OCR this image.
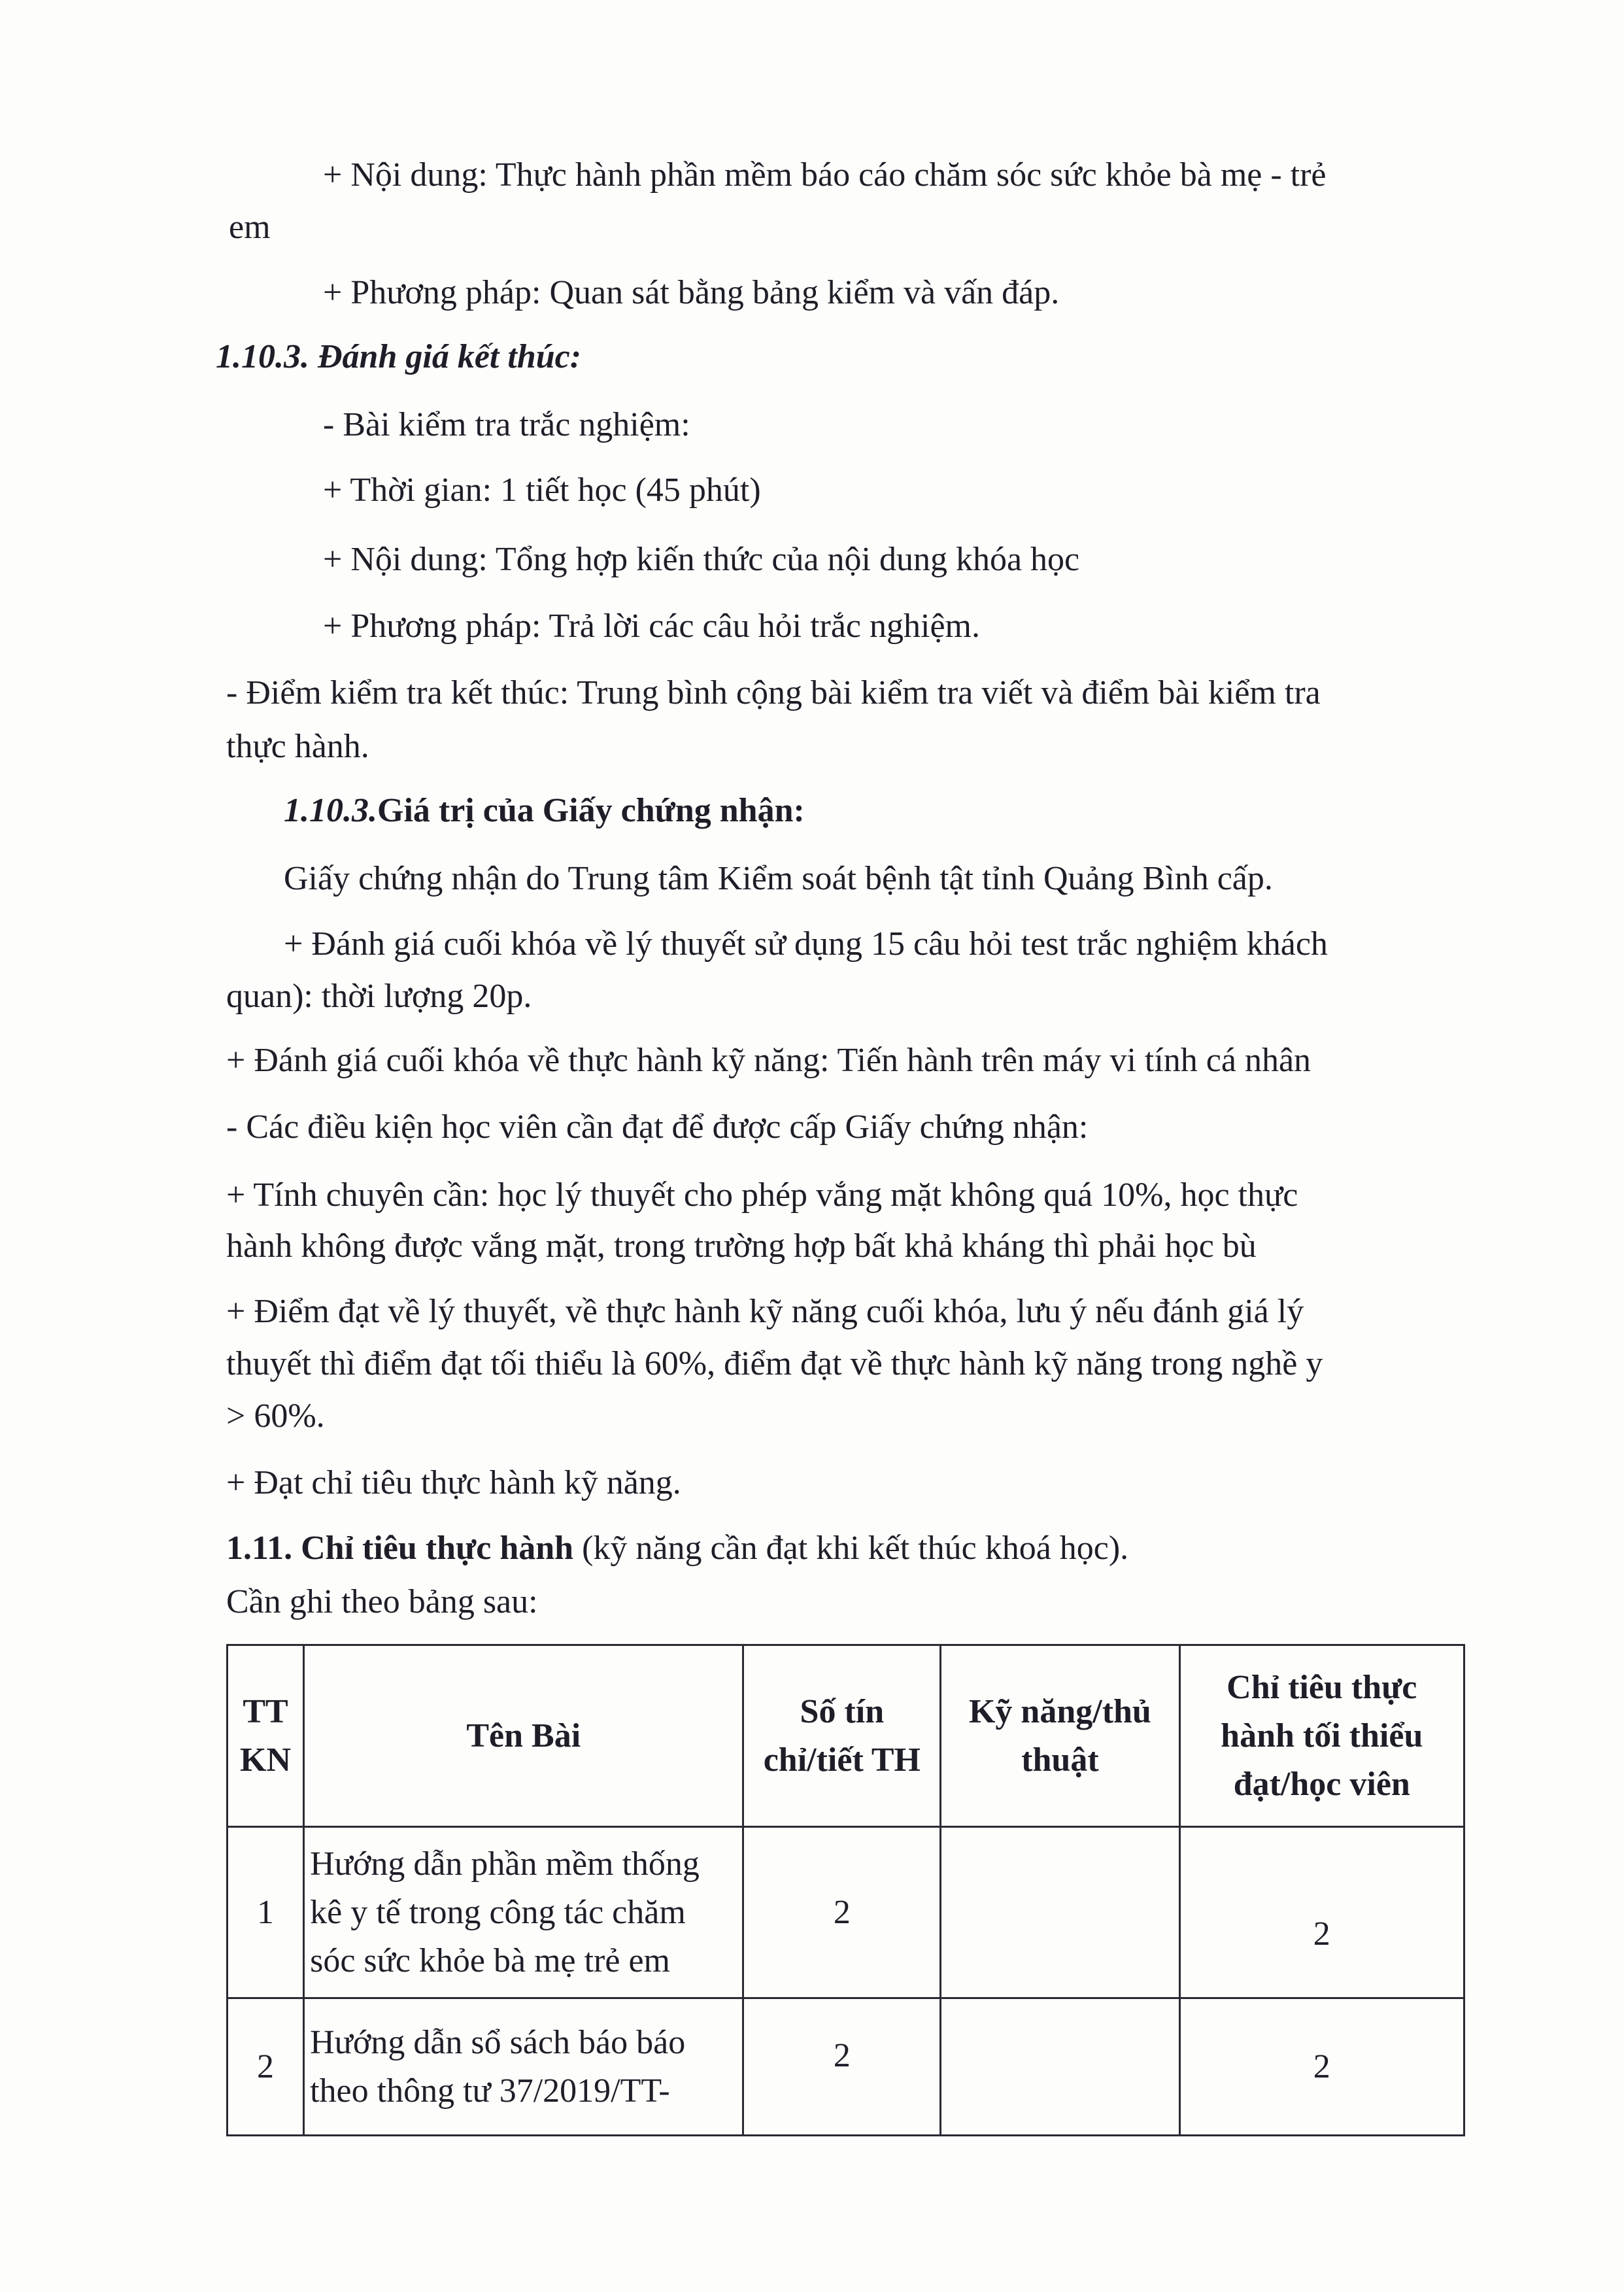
+ Nội dung: Thực hành phần mềm báo cáo chăm sóc sức khỏe bà mẹ - trẻ
em
+ Phương pháp: Quan sát bằng bảng kiểm và vấn đáp.
1.10.3. Đánh giá kết thúc:
- Bài kiểm tra trắc nghiệm:
+ Thời gian: 1 tiết học (45 phút)
+ Nội dung: Tổng hợp kiến thức của nội dung khóa học
+ Phương pháp: Trả lời các câu hỏi trắc nghiệm.
- Điểm kiểm tra kết thúc: Trung bình cộng bài kiểm tra viết và điểm bài kiểm tra
thực hành.
1.10.3.Giá trị của Giấy chứng nhận:
Giấy chứng nhận do Trung tâm Kiểm soát bệnh tật tỉnh Quảng Bình cấp.
+ Đánh giá cuối khóa về lý thuyết sử dụng 15 câu hỏi test trắc nghiệm khách
quan): thời lượng 20p.
+ Đánh giá cuối khóa về thực hành kỹ năng: Tiến hành trên máy vi tính cá nhân
- Các điều kiện học viên cần đạt để được cấp Giấy chứng nhận:
+ Tính chuyên cần: học lý thuyết cho phép vắng mặt không quá 10%, học thực
hành không được vắng mặt, trong trường hợp bất khả kháng thì phải học bù
+ Điểm đạt về lý thuyết, về thực hành kỹ năng cuối khóa, lưu ý nếu đánh giá lý
thuyết thì điểm đạt tối thiểu là 60%, điểm đạt về thực hành kỹ năng trong nghề y
> 60%.
+ Đạt chỉ tiêu thực hành kỹ năng.
1.11. Chỉ tiêu thực hành (kỹ năng cần đạt khi kết thúc khoá học).
Cần ghi theo bảng sau:
TT KN	Tên Bài	Số tín chỉ/tiết TH	Kỹ năng/thủ thuật	Chỉ tiêu thực hành tối thiểu đạt/học viên
1	Hướng dẫn phần mềm thống kê y tế trong công tác chăm sóc sức khỏe bà mẹ trẻ em	2		2
2	Hướng dẫn sổ sách báo báo theo thông tư 37/2019/TT-	2		2
